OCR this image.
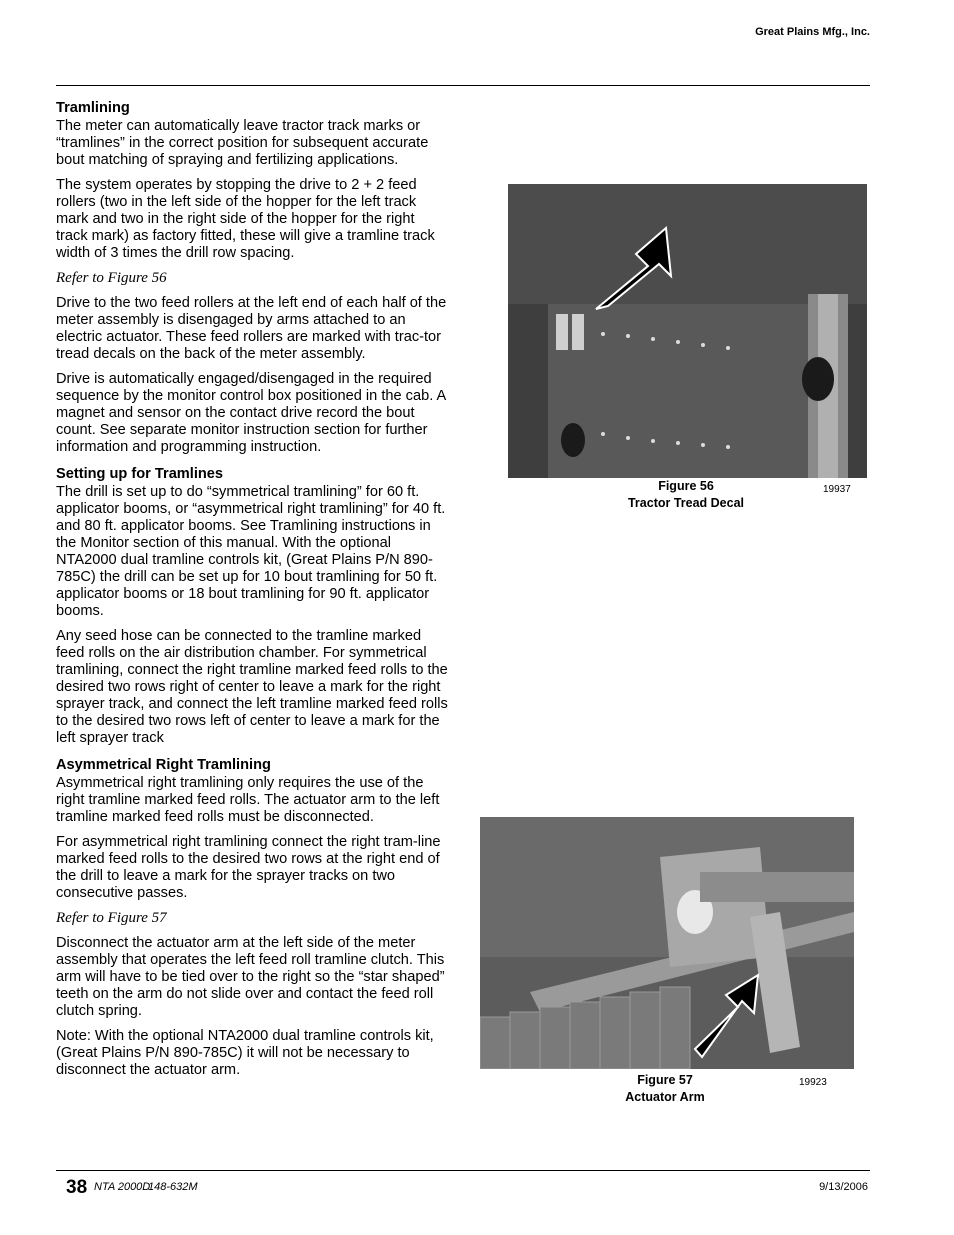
Great Plains Mfg., Inc.
Tramlining

The meter can automatically leave tractor track marks or “tramlines” in the correct position for subsequent accurate bout matching of spraying and fertilizing applications.

The system operates by stopping the drive to 2 + 2 feed rollers (two in the left side of the hopper for the left track mark and two in the right side of the hopper for the right track mark) as factory fitted, these will give a tramline track width of 3 times the drill row spacing.

Refer to Figure 56

Drive to the two feed rollers at the left end of each half of the meter assembly is disengaged by arms attached to an electric actuator. These feed rollers are marked with trac-tor tread decals on the back of the meter assembly.

Drive is automatically engaged/disengaged in the required sequence by the monitor control box positioned in the cab. A magnet and sensor on the contact drive record the bout count. See separate monitor instruction section for further information and programming instruction.

Setting up for Tramlines

The drill is set up to do “symmetrical tramlining” for 60 ft. applicator booms, or “asymmetrical right tramlining” for 40 ft. and 80 ft. applicator booms. See Tramlining instructions in the Monitor section of this manual. With the optional NTA2000 dual tramline controls kit, (Great Plains P/N 890-785C) the drill can be set up for 10 bout tramlining for 50 ft. applicator booms or 18 bout tramlining for 90 ft. applicator booms.

Any seed hose can be connected to the tramline marked feed rolls on the air distribution chamber. For symmetrical tramlining, connect the right tramline marked feed rolls to the desired two rows right of center to leave a mark for the right sprayer track, and connect the left tramline marked feed rolls to the desired two rows left of center to leave a mark for the left sprayer track

Asymmetrical Right Tramlining

Asymmetrical right tramlining only requires the use of the right tramline marked feed rolls. The actuator arm to the left tramline marked feed rolls must be disconnected.

For asymmetrical right tramlining connect the right tram-line marked feed rolls to the desired two rows at the right end of the drill to leave a mark for the sprayer tracks on two consecutive passes.

Refer to Figure 57

Disconnect the actuator arm at the left side of the meter assembly that operates the left feed roll tramline clutch. This arm will have to be tied over to the right so the “star shaped” teeth on the arm do not slide over and contact the feed roll clutch spring.

Note: With the optional NTA2000 dual tramline controls kit, (Great Plains P/N 890-785C) it will not be necessary to disconnect the actuator arm.

Figure 56
Tractor Tread Decal
19937
Figure 57
Actuator Arm
19923
38 NTA 2000D
148-632M	9/13/2006
